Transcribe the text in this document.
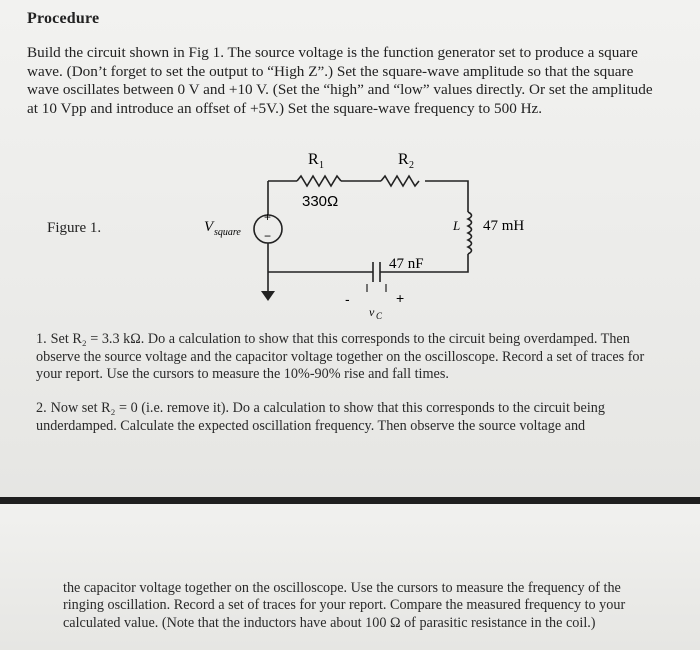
Procedure
Build the circuit shown in Fig 1. The source voltage is the function generator set to produce a square wave. (Don’t forget to set the output to “High Z”.) Set the square-wave amplitude so that the square wave oscillates between 0 V and +10 V. (Set the “high” and “low” values directly. Or set the amplitude at 10 Vpp and introduce an offset of +5V.) Set the square-wave frequency to 500 Hz.
Figure 1.
+
−
V square
R 1
330Ω
R 2
L 47 mH
47 nF
-	+
v C
1. Set R₂ = 3.3 kΩ. Do a calculation to show that this corresponds to the circuit being overdamped. Then observe the source voltage and the capacitor voltage together on the oscilloscope. Record a set of traces for your report. Use the cursors to measure the 10%-90% rise and fall times.
2. Now set R₂ = 0 (i.e. remove it). Do a calculation to show that this corresponds to the circuit being underdamped. Calculate the expected oscillation frequency. Then observe the source voltage and
the capacitor voltage together on the oscilloscope. Use the cursors to measure the frequency of the ringing oscillation. Record a set of traces for your report. Compare the measured frequency to your calculated value. (Note that the inductors have about 100 Ω of parasitic resistance in the coil.)
